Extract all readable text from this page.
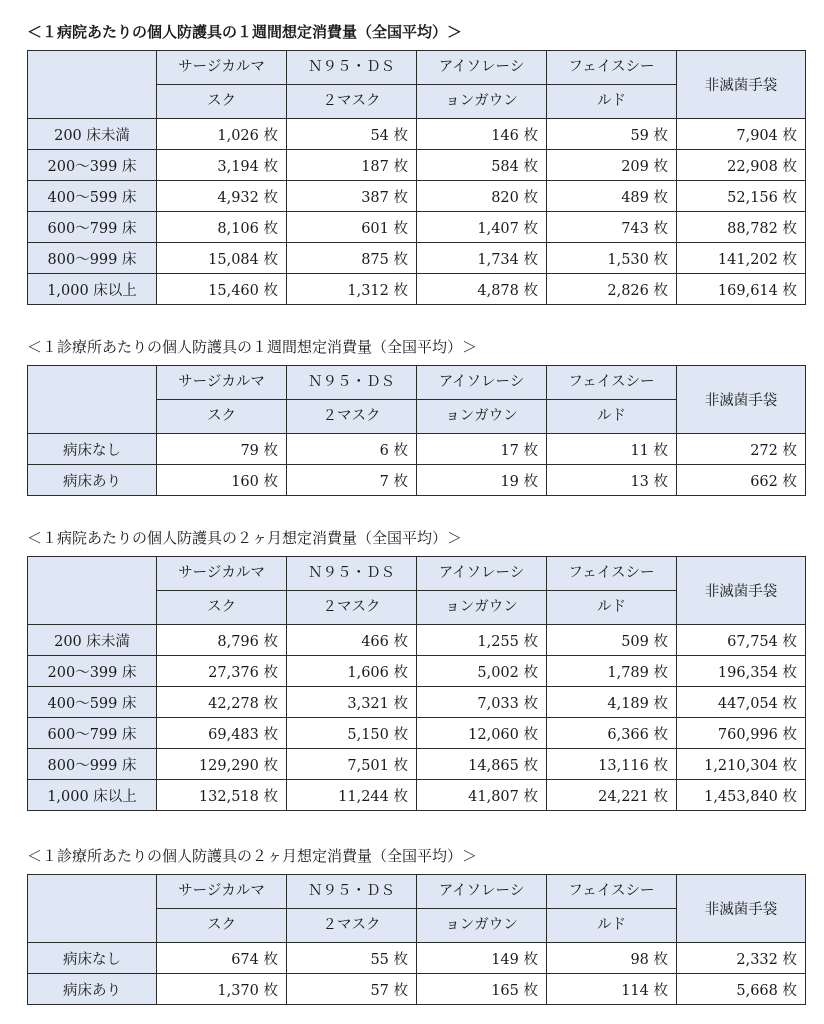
＜１病院あたりの個人防護具の１週間想定消費量（全国平均）＞
	サージカルマ	Ｎ９５・ＤＳ	アイソレーシ	フェイスシー	非滅菌手袋
	スク	２マスク	ョンガウン	ルド	
200 床未満	1,026 枚	54 枚	146 枚	59 枚	7,904 枚
200〜399 床	3,194 枚	187 枚	584 枚	209 枚	22,908 枚
400〜599 床	4,932 枚	387 枚	820 枚	489 枚	52,156 枚
600〜799 床	8,106 枚	601 枚	1,407 枚	743 枚	88,782 枚
800〜999 床	15,084 枚	875 枚	1,734 枚	1,530 枚	141,202 枚
1,000 床以上	15,460 枚	1,312 枚	4,878 枚	2,826 枚	169,614 枚
＜１診療所あたりの個人防護具の１週間想定消費量（全国平均）＞
	サージカルマ	Ｎ９５・ＤＳ	アイソレーシ	フェイスシー	非滅菌手袋
	スク	２マスク	ョンガウン	ルド	
病床なし	79 枚	6 枚	17 枚	11 枚	272 枚
病床あり	160 枚	7 枚	19 枚	13 枚	662 枚
＜１病院あたりの個人防護具の２ヶ月想定消費量（全国平均）＞
	サージカルマ	Ｎ９５・ＤＳ	アイソレーシ	フェイスシー	非滅菌手袋
	スク	２マスク	ョンガウン	ルド	
200 床未満	8,796 枚	466 枚	1,255 枚	509 枚	67,754 枚
200〜399 床	27,376 枚	1,606 枚	5,002 枚	1,789 枚	196,354 枚
400〜599 床	42,278 枚	3,321 枚	7,033 枚	4,189 枚	447,054 枚
600〜799 床	69,483 枚	5,150 枚	12,060 枚	6,366 枚	760,996 枚
800〜999 床	129,290 枚	7,501 枚	14,865 枚	13,116 枚	1,210,304 枚
1,000 床以上	132,518 枚	11,244 枚	41,807 枚	24,221 枚	1,453,840 枚
＜１診療所あたりの個人防護具の２ヶ月想定消費量（全国平均）＞
	サージカルマ	Ｎ９５・ＤＳ	アイソレーシ	フェイスシー	非滅菌手袋
	スク	２マスク	ョンガウン	ルド	
病床なし	674 枚	55 枚	149 枚	98 枚	2,332 枚
病床あり	1,370 枚	57 枚	165 枚	114 枚	5,668 枚
